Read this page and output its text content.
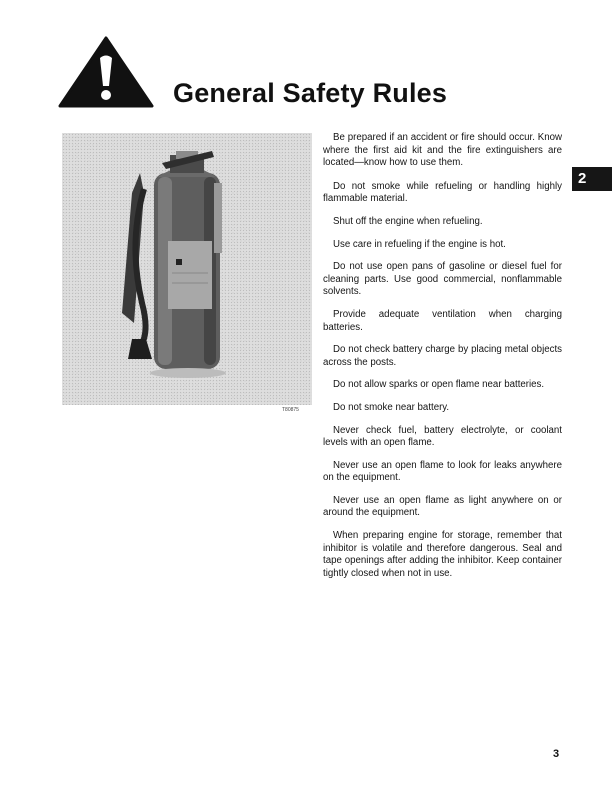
General Safety Rules
T80875
2
Be prepared if an accident or fire should occur. Know where the first aid kit and the fire extinguishers are located—know how to use them.
Do not smoke while refueling or handling highly flammable material.
Shut off the engine when refueling.
Use care in refueling if the engine is hot.
Do not use open pans of gasoline or diesel fuel for cleaning parts. Use good commercial, nonflammable solvents.
Provide adequate ventilation when charging batteries.
Do not check battery charge by placing metal objects across the posts.
Do not allow sparks or open flame near batteries.
Do not smoke near battery.
Never check fuel, battery electrolyte, or coolant levels with an open flame.
Never use an open flame to look for leaks anywhere on the equipment.
Never use an open flame as light anywhere on or around the equipment.
When preparing engine for storage, remember that inhibitor is volatile and therefore dangerous. Seal and tape openings after adding the inhibitor. Keep container tightly closed when not in use.
3
